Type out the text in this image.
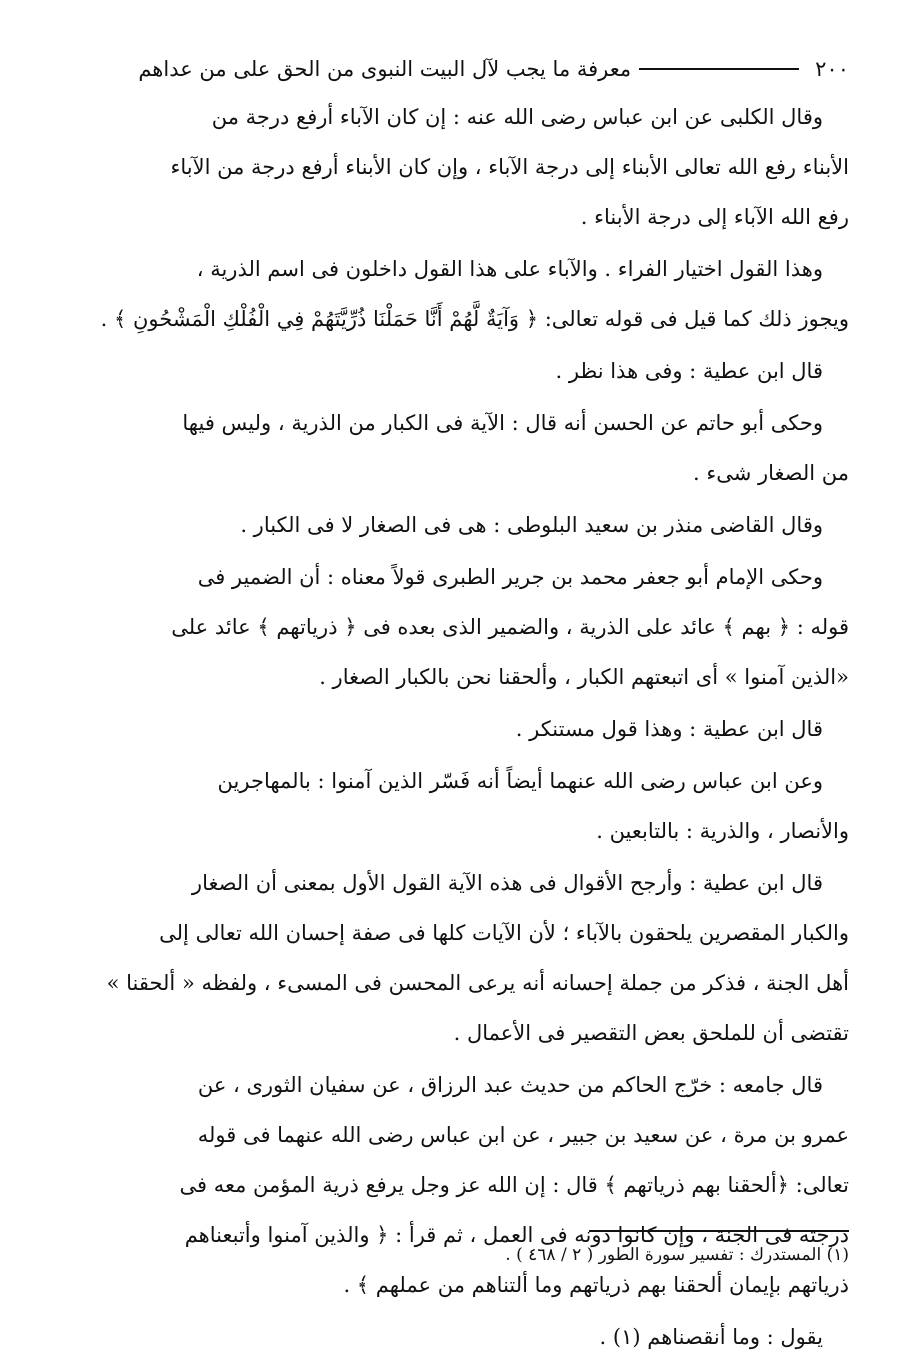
٢٠٠
معرفة ما يجب لآل البيت النبوى من الحق على من عداهم
وقال الكلبى عن ابن عباس رضى الله عنه : إن كان الآباء أرفع درجة من
الأبناء رفع الله تعالى الأبناء إلى درجة الآباء ، وإن كان الأبناء أرفع درجة من الآباء
رفع الله الآباء إلى درجة الأبناء .
وهذا القول اختيار الفراء . والآباء على هذا القول داخلون فى اسم الذرية ،
ويجوز ذلك كما قيل فى قوله تعالى: ﴿ وَآيَةٌ لَّهُمْ أَنَّا حَمَلْنَا ذُرِّيَّتَهُمْ فِي الْفُلْكِ الْمَشْحُونِ ﴾ .
قال ابن عطية : وفى هذا نظر .
وحكى أبو حاتم عن الحسن أنه قال : الآية فى الكبار من الذرية ، وليس فيها
من الصغار شىء .
وقال القاضى منذر بن سعيد البلوطى : هى فى الصغار لا فى الكبار .
وحكى الإمام أبو جعفر محمد بن جرير الطبرى قولاً معناه : أن الضمير فى
قوله : ﴿ بهم ﴾ عائد على الذرية ، والضمير الذى بعده فى ﴿ ذرياتهم ﴾ عائد على
«الذين آمنوا » أى اتبعتهم الكبار ، وألحقنا نحن بالكبار الصغار .
قال ابن عطية : وهذا قول مستنكر .
وعن ابن عباس رضى الله عنهما أيضاً أنه فَسّر الذين آمنوا : بالمهاجرين
والأنصار ، والذرية : بالتابعين .
قال ابن عطية : وأرجح الأقوال فى هذه الآية القول الأول بمعنى أن الصغار
والكبار المقصرين يلحقون بالآباء ؛ لأن الآيات كلها فى صفة إحسان الله تعالى إلى
أهل الجنة ، فذكر من جملة إحسانه أنه يرعى المحسن فى المسىء ، ولفظه « ألحقنا »
تقتضى أن للملحق بعض التقصير فى الأعمال .
قال جامعه : خرّج الحاكم من حديث عبد الرزاق ، عن سفيان الثورى ، عن
عمرو بن مرة ، عن سعيد بن جبير ، عن ابن عباس رضى الله عنهما فى قوله
تعالى: ﴿ألحقنا بهم ذرياتهم ﴾ قال : إن الله عز وجل يرفع ذرية المؤمن معه فى
درجته فى الجنة ، وإن كانوا دونه فى العمل ، ثم قرأ : ﴿ والذين آمنوا وأتبعناهم
ذرياتهم بإيمان ألحقنا بهم ذرياتهم وما ألتناهم من عملهم ﴾ .
يقول : وما أنقصناهم (١) .
(١) المستدرك : تفسير سورة الطور ( ٢ / ٤٦٨ ) .
